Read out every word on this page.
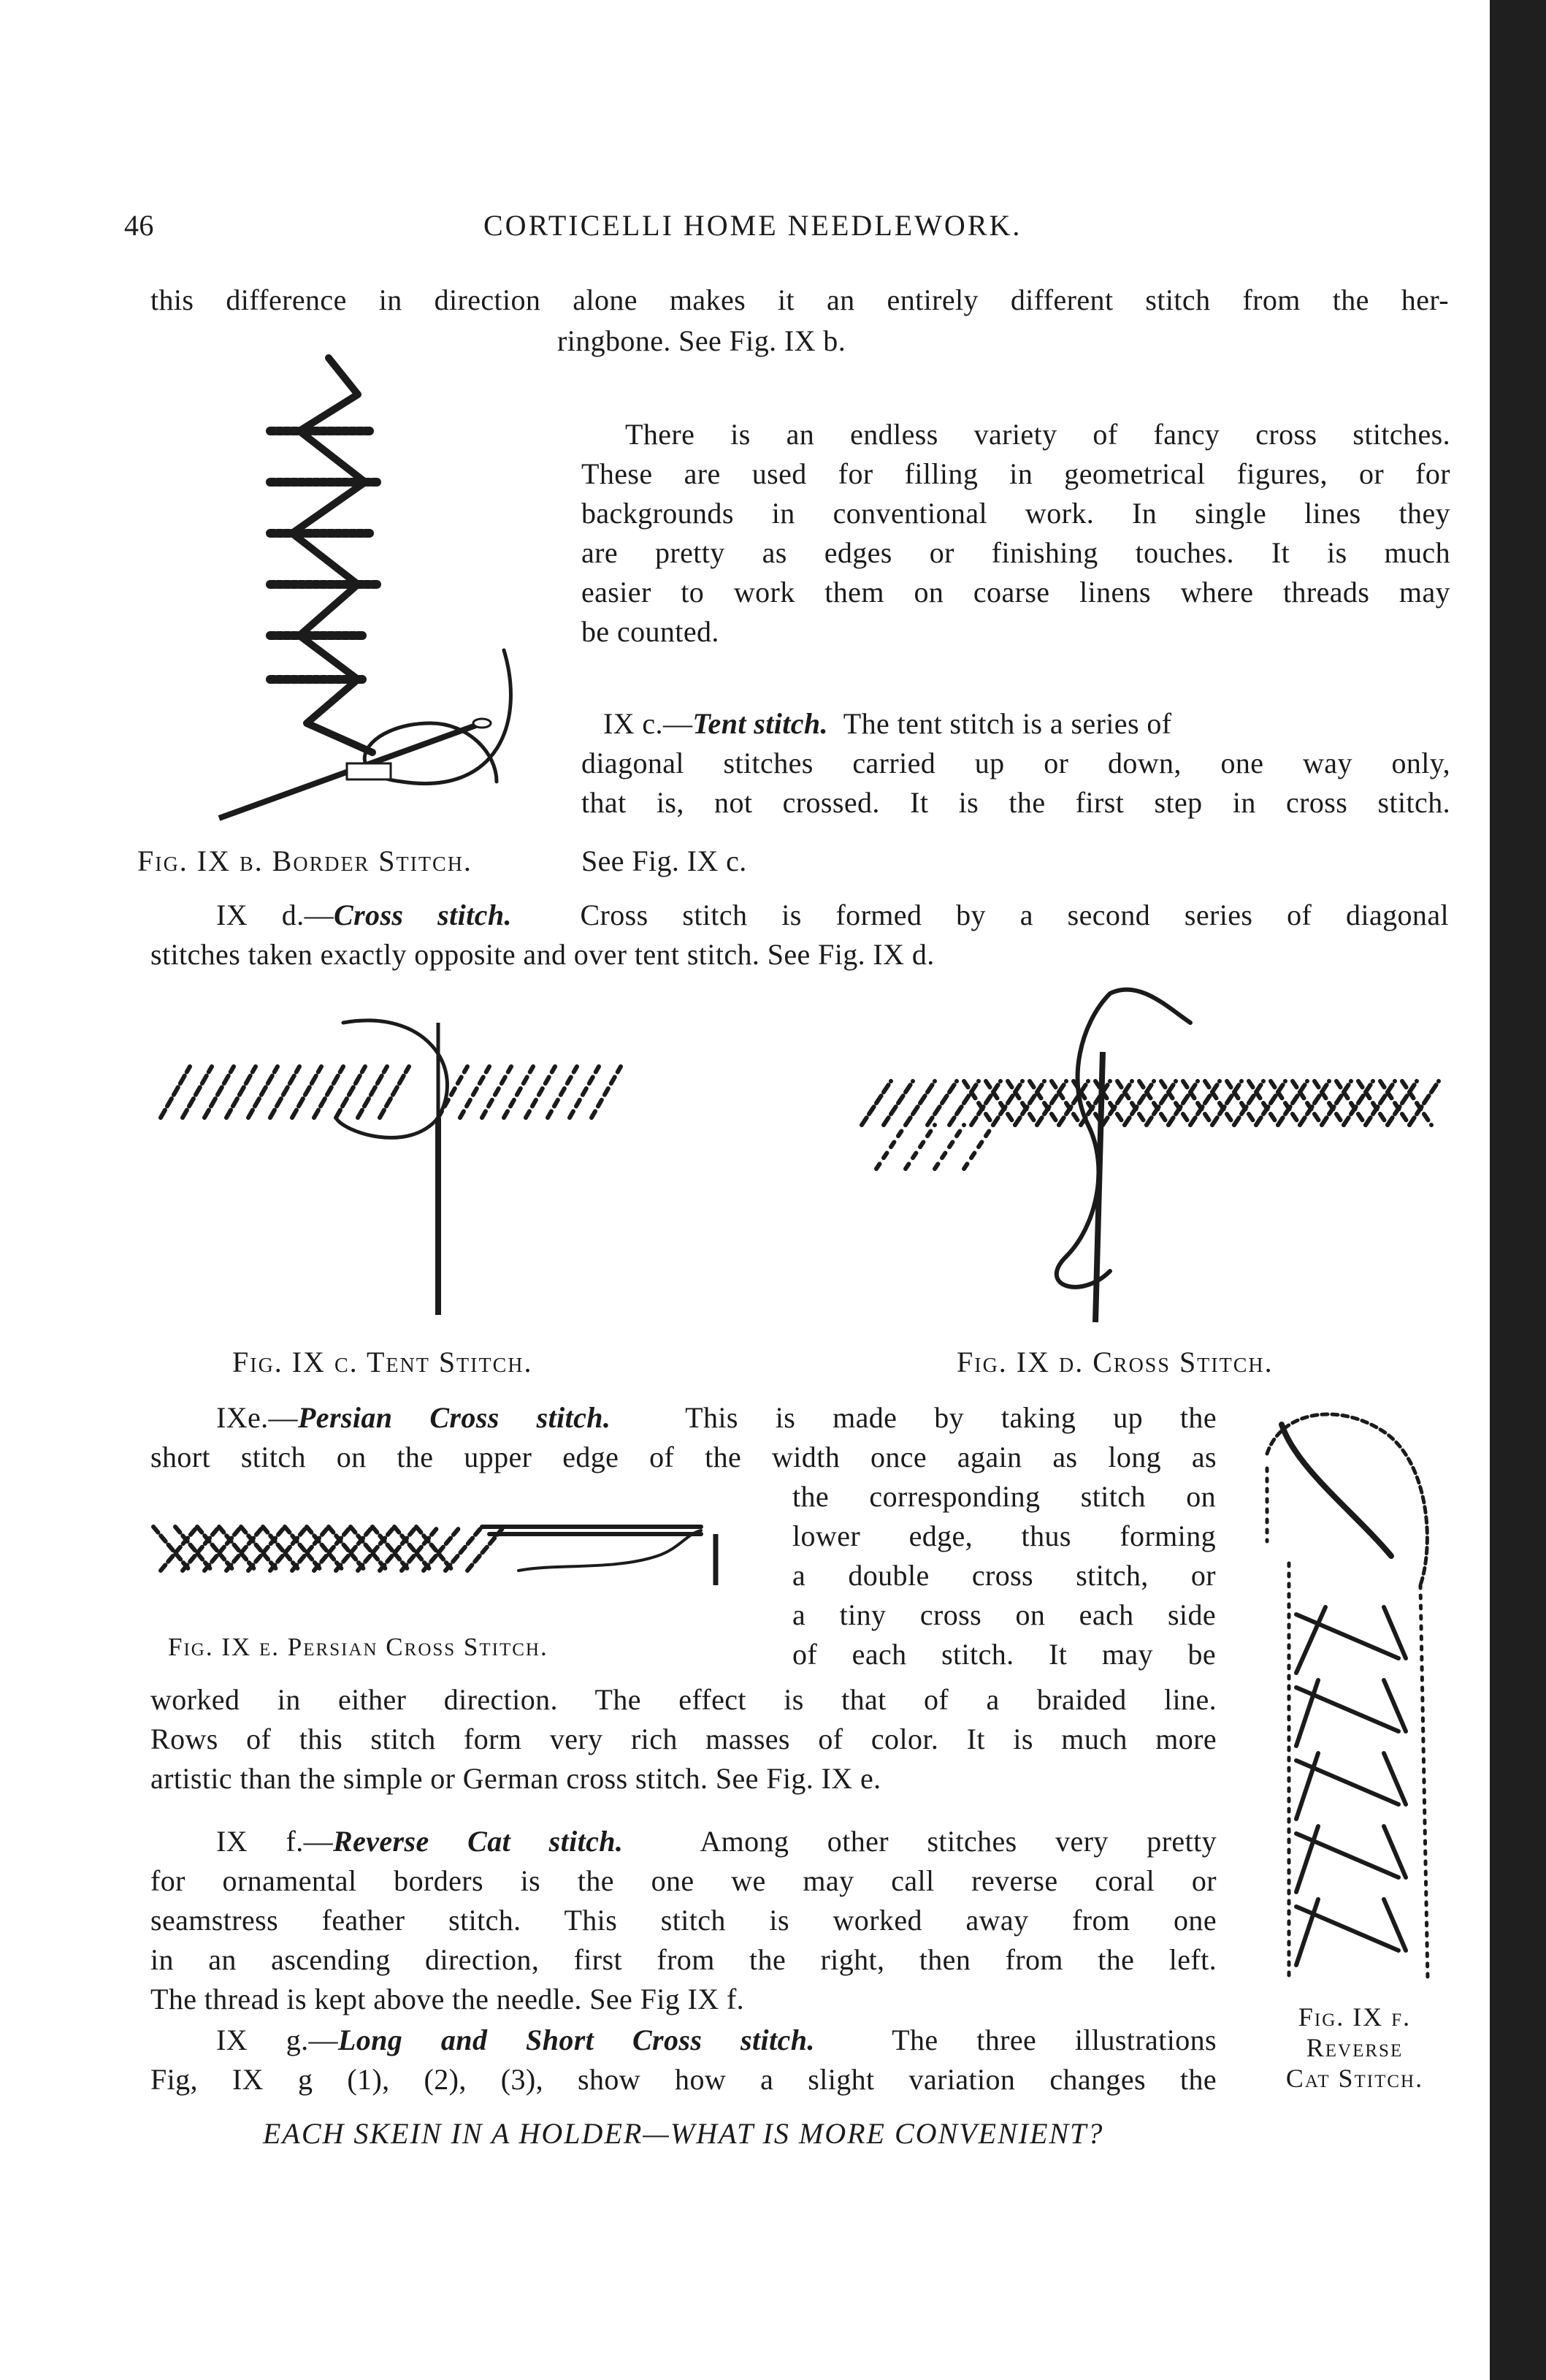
46	CORTICELLI HOME NEEDLEWORK.
this difference in direction alone makes it an entirely different stitch from the her-
ringbone. See Fig. IX b.
There is an endless variety of fancy cross stitches.
These are used for filling in geometrical figures, or for
backgrounds in conventional work. In single lines they
are pretty as edges or finishing touches. It is much
easier to work them on coarse linens where threads may
be counted.
IX c.—Tent stitch. The tent stitch is a series of
diagonal stitches carried up or down, one way only,
that is, not crossed. It is the first step in cross stitch.
Fig. IX b. Border Stitch.	See Fig. IX c.
IX d.—Cross stitch. Cross stitch is formed by a second series of diagonal
stitches taken exactly opposite and over tent stitch. See Fig. IX d.
Fig. IX c. Tent Stitch.	Fig. IX d. Cross Stitch.
IXe.—Persian Cross stitch.	This is made by taking up the
short stitch on the upper edge of the width once again as long as
the corresponding stitch on
lower edge, thus forming
a double cross stitch, or
a tiny cross on each side
of each stitch. It may be
Fig. IX e. Persian Cross Stitch.
worked in either direction. The effect is that of a braided line.
Rows of this stitch form very rich masses of color. It is much more
artistic than the simple or German cross stitch. See Fig. IX e.
IX f.—Reverse Cat stitch.	Among other stitches very pretty
for ornamental borders is the one we may call reverse coral or
seamstress feather stitch. This stitch is worked away from one
in an ascending direction, first from the right, then from the left.
The thread is kept above the needle. See Fig IX f.
IX g.—Long and Short Cross stitch.	The three illustrations
Fig, IX g (1), (2), (3), show how a slight variation changes the
Fig. IX f.
Reverse
Cat Stitch.
EACH SKEIN IN A HOLDER—WHAT IS MORE CONVENIENT?
